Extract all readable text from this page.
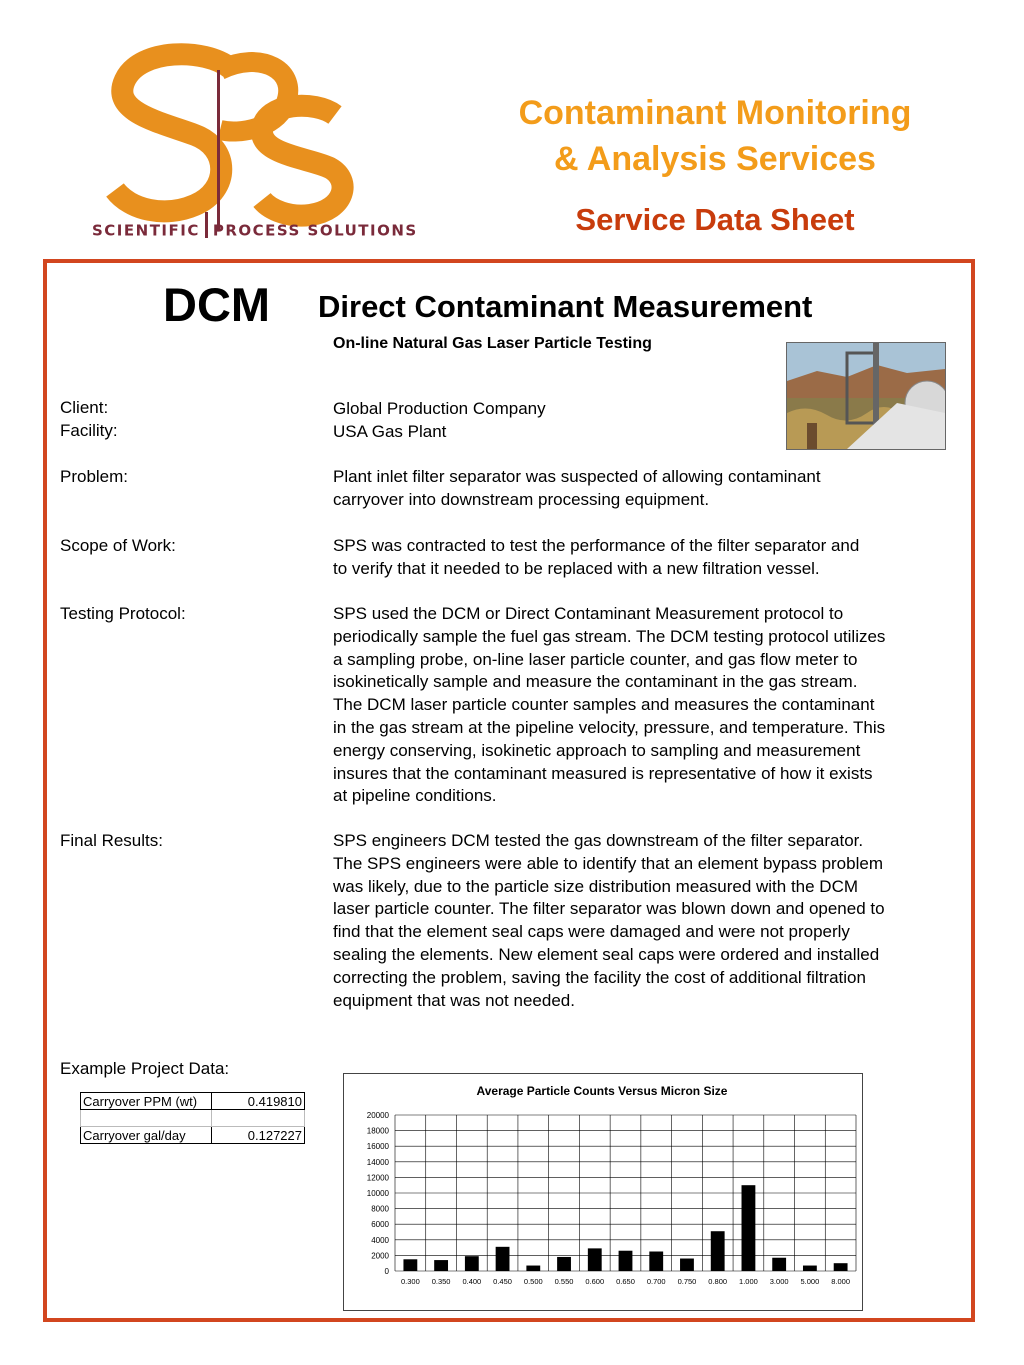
SCIENTIFIC PROCESS SOLUTIONS
Contaminant Monitoring
& Analysis Services
Service Data Sheet
DCM Direct Contaminant Measurement
On-line Natural Gas Laser Particle Testing
Client:	Global Production Company
Facility:	USA Gas Plant
Problem:	Plant inlet filter separator was suspected of allowing contaminant
carryover into downstream processing equipment.
Scope of Work:	SPS was contracted to test the performance of the filter separator and
to verify that it needed to be replaced with a new filtration vessel.
Testing Protocol:	SPS used the DCM or Direct Contaminant Measurement protocol to
periodically sample the fuel gas stream. The DCM testing protocol utilizes
a sampling probe, on-line laser particle counter, and gas flow meter to
isokinetically sample and measure the contaminant in the gas stream.
The DCM laser particle counter samples and measures the contaminant
in the gas stream at the pipeline velocity, pressure, and temperature. This
energy conserving, isokinetic approach to sampling and measurement
insures that the contaminant measured is representative of how it exists
at pipeline conditions.
Final Results:	SPS engineers DCM tested the gas downstream of the filter separator.
The SPS engineers were able to identify that an element bypass problem
was likely, due to the particle size distribution measured with the DCM
laser particle counter. The filter separator was blown down and opened to
find that the element seal caps were damaged and were not properly
sealing the elements. New element seal caps were ordered and installed
correcting the problem, saving the facility the cost of additional filtration
equipment that was not needed.
Example Project Data:
Carryover PPM (wt)	0.419810

Carryover gal/day	0.127227
Average Particle Counts Versus Micron Size
0
2000
4000
6000
8000
10000
12000
14000
16000
18000
20000
0.300 0.350 0.400 0.450 0.500 0.550 0.600 0.650 0.700 0.750 0.800 1.000 3.000 5.000 8.000
